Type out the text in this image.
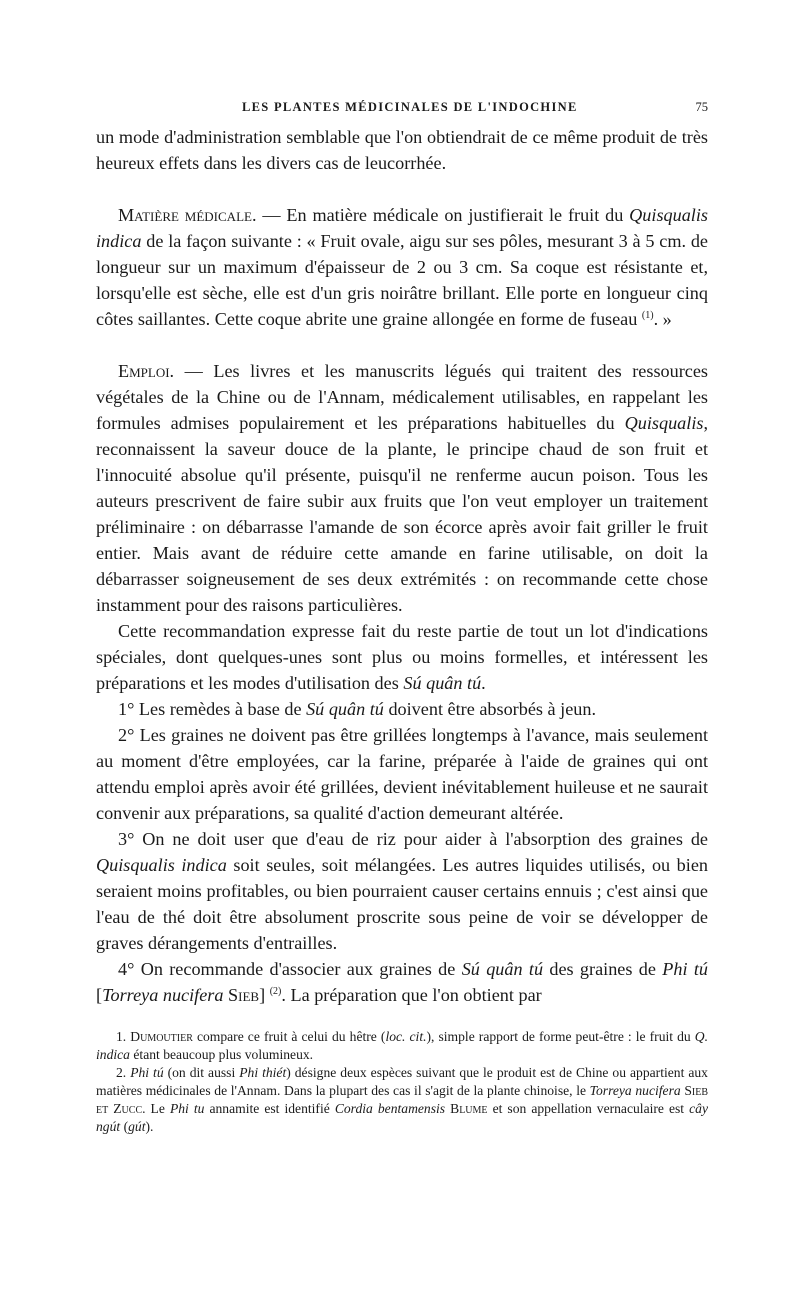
LES PLANTES MÉDICINALES DE L'INDOCHINE	75

un mode d'administration semblable que l'on obtiendrait de ce même produit de très heureux effets dans les divers cas de leucorrhée.

Matière médicale. — En matière médicale on justifierait le fruit du Quisqualis indica de la façon suivante : « Fruit ovale, aigu sur ses pôles, mesurant 3 à 5 cm. de longueur sur un maximum d'épaisseur de 2 ou 3 cm. Sa coque est résistante et, lorsqu'elle est sèche, elle est d'un gris noirâtre brillant. Elle porte en longueur cinq côtes saillantes. Cette coque abrite une graine allongée en forme de fuseau $^{(1)}$. »

Emploi. — Les livres et les manuscrits légués qui traitent des ressources végétales de la Chine ou de l'Annam, médicalement utilisables, en rappelant les formules admises populairement et les préparations habituelles du Quisqualis, reconnaissent la saveur douce de la plante, le principe chaud de son fruit et l'innocuité absolue qu'il présente, puisqu'il ne renferme aucun poison. Tous les auteurs prescrivent de faire subir aux fruits que l'on veut employer un traitement préliminaire : on débarrasse l'amande de son écorce après avoir fait griller le fruit entier. Mais avant de réduire cette amande en farine utilisable, on doit la débarrasser soigneusement de ses deux extrémités : on recommande cette chose instamment pour des raisons particulières.

Cette recommandation expresse fait du reste partie de tout un lot d'indications spéciales, dont quelques-unes sont plus ou moins formelles, et intéressent les préparations et les modes d'utilisation des Sú quân tú.

1° Les remèdes à base de Sú quân tú doivent être absorbés à jeun.

2° Les graines ne doivent pas être grillées longtemps à l'avance, mais seulement au moment d'être employées, car la farine, préparée à l'aide de graines qui ont attendu emploi après avoir été grillées, devient inévitablement huileuse et ne saurait convenir aux préparations, sa qualité d'action demeurant altérée.

3° On ne doit user que d'eau de riz pour aider à l'absorption des graines de Quisqualis indica soit seules, soit mélangées. Les autres liquides utilisés, ou bien seraient moins profitables, ou bien pourraient causer certains ennuis ; c'est ainsi que l'eau de thé doit être absolument proscrite sous peine de voir se développer de graves dérangements d'entrailles.

4° On recommande d'associer aux graines de Sú quân tú des graines de Phi tú [Torreya nucifera Sieb] $^{(2)}$. La préparation que l'on obtient par

1. Dumoutier compare ce fruit à celui du hêtre (loc. cit.), simple rapport de forme peut-être : le fruit du Q. indica étant beaucoup plus volumineux.

2. Phi tú (on dit aussi Phi thiét) désigne deux espèces suivant que le produit est de Chine ou appartient aux matières médicinales de l'Annam. Dans la plupart des cas il s'agit de la plante chinoise, le Torreya nucifera Sieb et Zucc. Le Phi tu annamite est identifié Cordia bentamensis Blume et son appellation vernaculaire est cây ngút (gút).
